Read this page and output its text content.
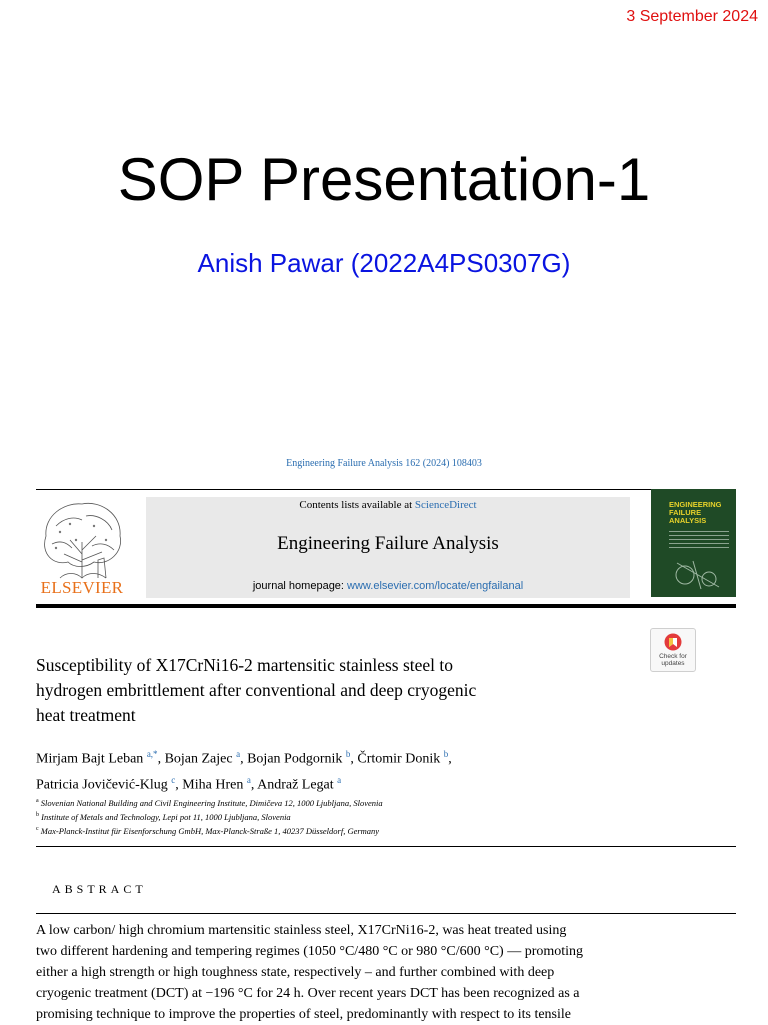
3 September 2024
SOP Presentation-1
Anish Pawar (2022A4PS0307G)
Engineering Failure Analysis 162 (2024) 108403
ELSEVIER
Contents lists available at ScienceDirect
Engineering Failure Analysis
journal homepage: www.elsevier.com/locate/engfailanal
ENGINEERING FAILURE ANALYSIS
Check for updates
Susceptibility of X17CrNi16-2 martensitic stainless steel to
hydrogen embrittlement after conventional and deep cryogenic
heat treatment
Mirjam Bajt Leban $^{a,*}$, Bojan Zajec $^a$, Bojan Podgornik $^b$, Črtomir Donik $^b$,
Patricia Jovičević-Klug $^c$, Miha Hren $^a$, Andraž Legat $^a$
$^a$ Slovenian National Building and Civil Engineering Institute, Dimičeva 12, 1000 Ljubljana, Slovenia
$^b$ Institute of Metals and Technology, Lepi pot 11, 1000 Ljubljana, Slovenia
$^c$ Max-Planck-Institut für Eisenforschung GmbH, Max-Planck-Straße 1, 40237 Düsseldorf, Germany
ABSTRACT

A low carbon/ high chromium martensitic stainless steel, X17CrNi16-2, was heat treated using

two different hardening and tempering regimes (1050 °C/480 °C or 980 °C/600 °C) — promoting

either a high strength or high toughness state, respectively – and further combined with deep

cryogenic treatment (DCT) at −196 °C for 24 h. Over recent years DCT has been recognized as a

promising technique to improve the properties of steel, predominantly with respect to its tensile
